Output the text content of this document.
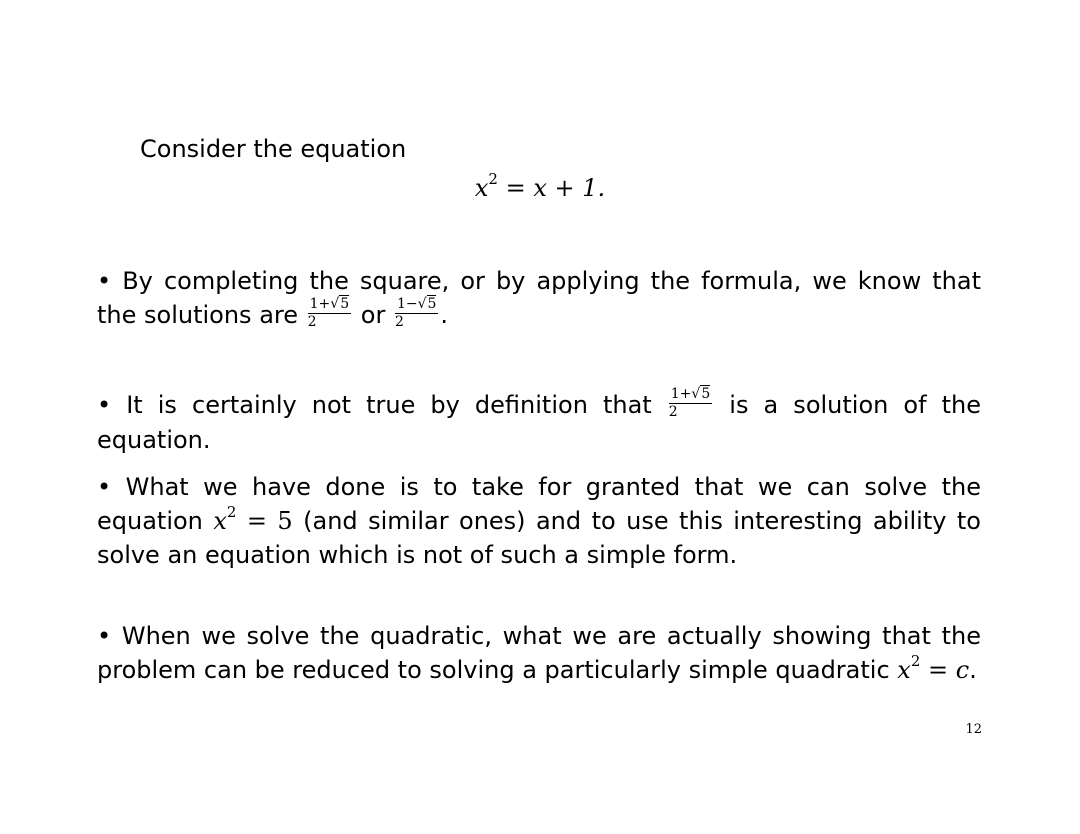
Consider the equation
$x^2 = x + 1$.
• By completing the square, or by applying the formula, we know that the solutions are $\frac{1+√5}{2}$ or $\frac{1-√5}{2}$ .
• It is certainly not true by definition that $\frac{1+√5}{2}$ is a solution of the equation.
• What we have done is to take for granted that we can solve the equation $x^2 = 5$ (and similar ones) and to use this interesting ability to solve an equation which is not of such a simple form.
• When we solve the quadratic, what we are actually showing that the problem can be reduced to solving a particularly simple quadratic $x^2 = c$.
12
